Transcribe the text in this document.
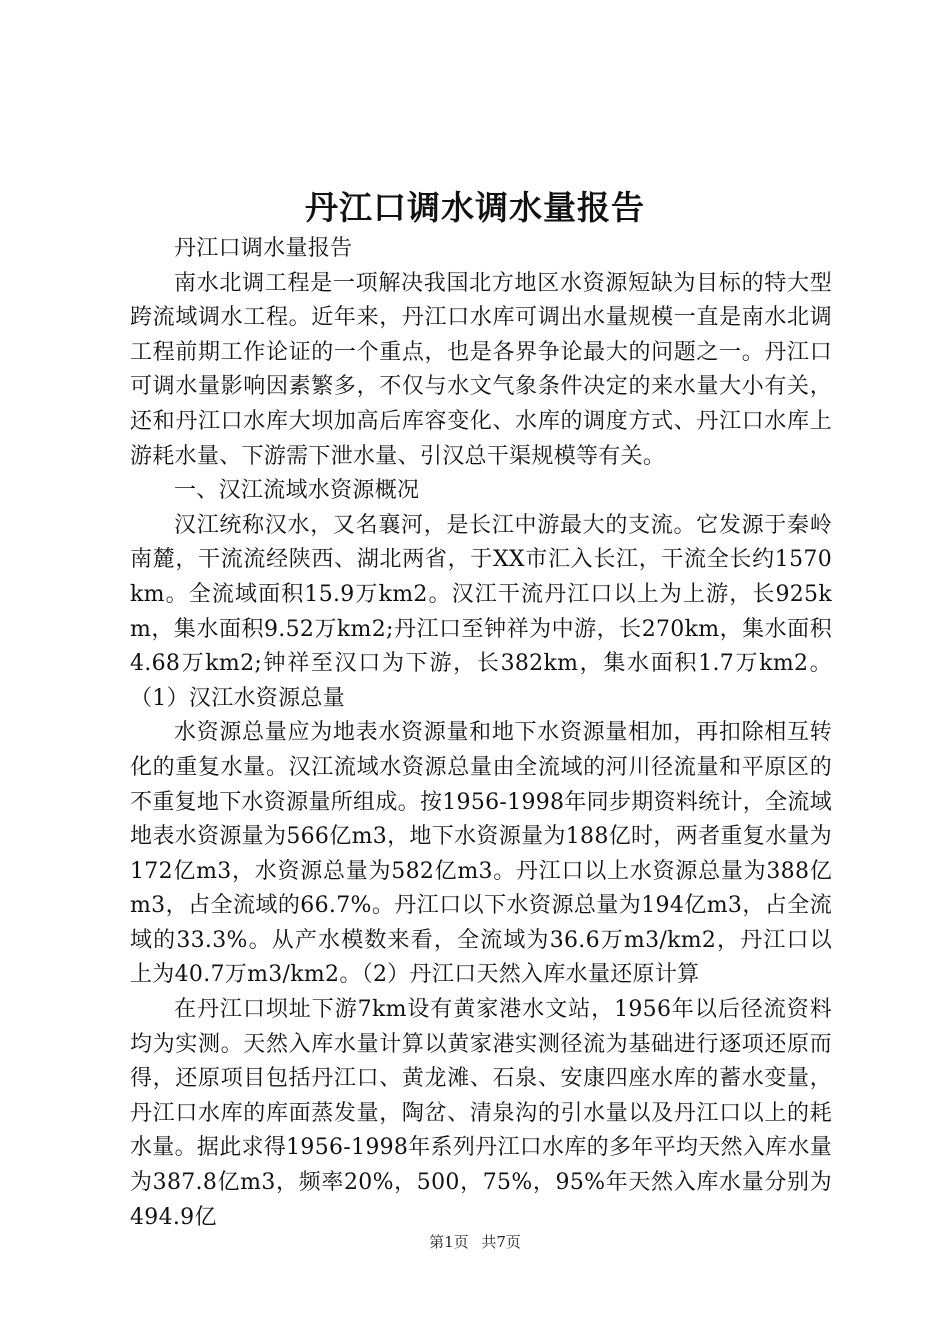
丹江口调水调水量报告

丹江口调水量报告

南水北调工程是一项解决我国北方地区水资源短缺为目标的特大型跨流域调水工程。近年来，丹江口水库可调出水量规模一直是南水北调工程前期工作论证的一个重点，也是各界争论最大的问题之一。丹江口可调水量影响因素繁多，不仅与水文气象条件决定的来水量大小有关，还和丹江口水库大坝加高后库容变化、水库的调度方式、丹江口水库上游耗水量、下游需下泄水量、引汉总干渠规模等有关。

一、汉江流域水资源概况

汉江统称汉水，又名襄河，是长江中游最大的支流。它发源于秦岭南麓，干流流经陕西、湖北两省，于XX市汇入长江，干流全长约1570km。全流域面积15.9万km2。汉江干流丹江口以上为上游，长925km，集水面积9.52万km2;丹江口至钟祥为中游，长270km，集水面积4.68万km2;钟祥至汉口为下游，长382km，集水面积1.7万km2。（1）汉江水资源总量

水资源总量应为地表水资源量和地下水资源量相加，再扣除相互转化的重复水量。汉江流域水资源总量由全流域的河川径流量和平原区的不重复地下水资源量所组成。按1956-1998年同步期资料统计，全流域地表水资源量为566亿m3，地下水资源量为188亿时，两者重复水量为172亿m3，水资源总量为582亿m3。丹江口以上水资源总量为388亿m3，占全流域的66.7%。丹江口以下水资源总量为194亿m3，占全流域的33.3%。从产水模数来看，全流域为36.6万m3/km2，丹江口以上为40.7万m3/km2。（2）丹江口天然入库水量还原计算

在丹江口坝址下游7km设有黄家港水文站，1956年以后径流资料均为实测。天然入库水量计算以黄家港实测径流为基础进行逐项还原而得，还原项目包括丹江口、黄龙滩、石泉、安康四座水库的蓄水变量，丹江口水库的库面蒸发量，陶岔、清泉沟的引水量以及丹江口以上的耗水量。据此求得1956-1998年系列丹江口水库的多年平均天然入库水量为387.8亿m3，频率20%，500，75%，95%年天然入库水量分别为494.9亿

第1页 共7页
